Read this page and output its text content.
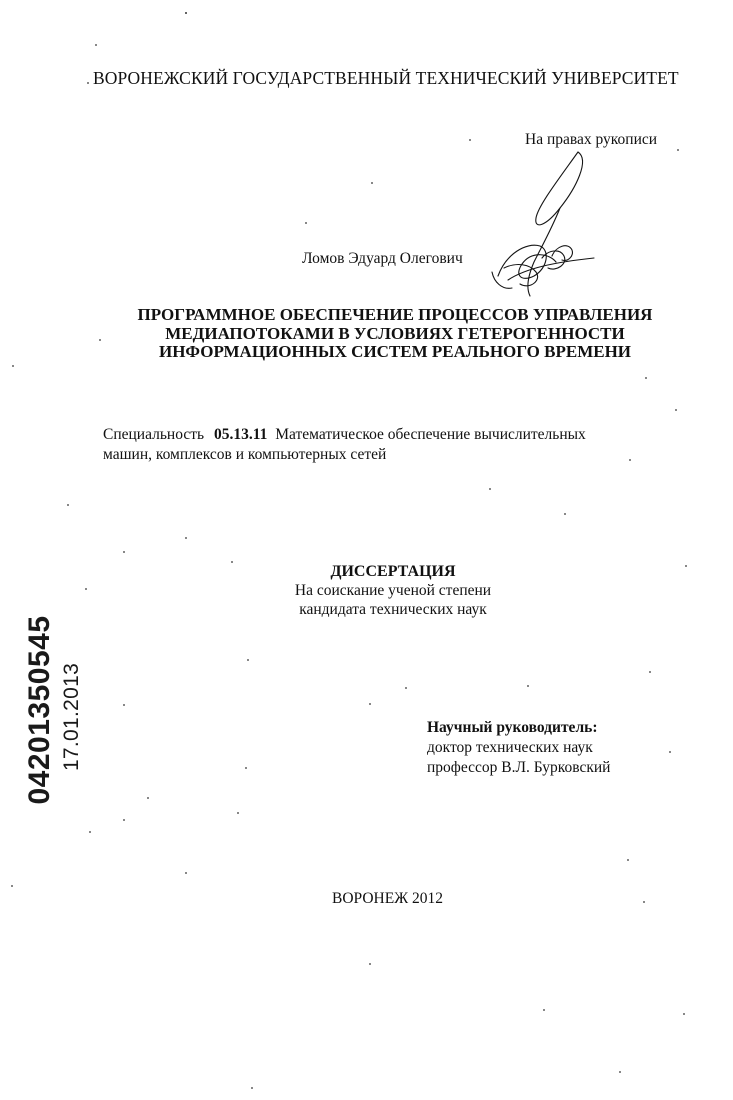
ВОРОНЕЖСКИЙ ГОСУДАРСТВЕННЫЙ ТЕХНИЧЕСКИЙ УНИВЕРСИТЕТ
На правах рукописи
Ломов Эдуард Олегович
ПРОГРАММНОЕ ОБЕСПЕЧЕНИЕ ПРОЦЕССОВ УПРАВЛЕНИЯ
МЕДИАПОТОКАМИ В УСЛОВИЯХ ГЕТЕРОГЕННОСТИ
ИНФОРМАЦИОННЫХ СИСТЕМ РЕАЛЬНОГО ВРЕМЕНИ
Специальность 05.13.11 Математическое обеспечение вычислительных
машин, комплексов и компьютерных сетей
ДИССЕРТАЦИЯ
На соискание ученой степени
кандидата технических наук
Научный руководитель:
доктор технических наук
профессор В.Л. Бурковский
ВОРОНЕЖ 2012
04201350545 17.01.2013
